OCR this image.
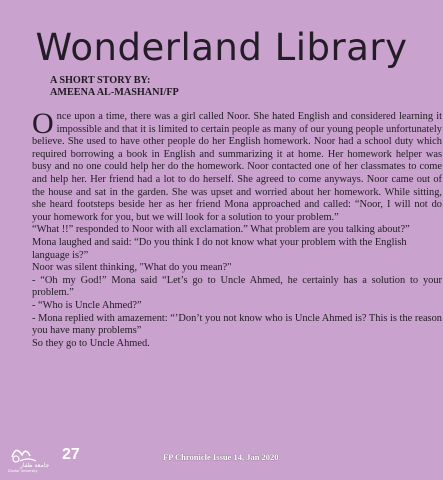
Wonderland Library
A SHORT STORY BY:
AMEENA AL-MASHANI/FP

Once upon a time, there was a girl called Noor. She hated English and considered learning it impossible and that it is limited to certain people as many of our young people unfortunately believe. She used to have other people do her English homework. Noor had a school duty which required borrowing a book in English and summarizing it at home. Her homework helper was busy and no one could help her do the homework. Noor contacted one of her classmates to come and help her. Her friend had a lot to do herself. She agreed to come anyways. Noor came out of the house and sat in the garden. She was upset and worried about her homework. While sitting, she heard footsteps beside her as her friend Mona approached and called: “Noor, I will not do your homework for you, but we will look for a solution to your problem.”

“What !!” responded to Noor with all exclamation.” What problem are you talking about?”

Mona laughed and said: “Do you think I do not know what your problem with the English language is?”

Noor was silent thinking, "What do you mean?"

- “Oh my God!” Mona said “Let’s go to Uncle Ahmed, he certainly has a solution to your problem.”

- “Who is Uncle Ahmed?”

- Mona replied with amazement: “’Don’t you not know who is Uncle Ahmed is? This is the reason you have many problems”

So they go to Uncle Ahmed.

جامعة ظفار
Dhofar University
27	FP Chronicle Issue 14, Jan 2020
